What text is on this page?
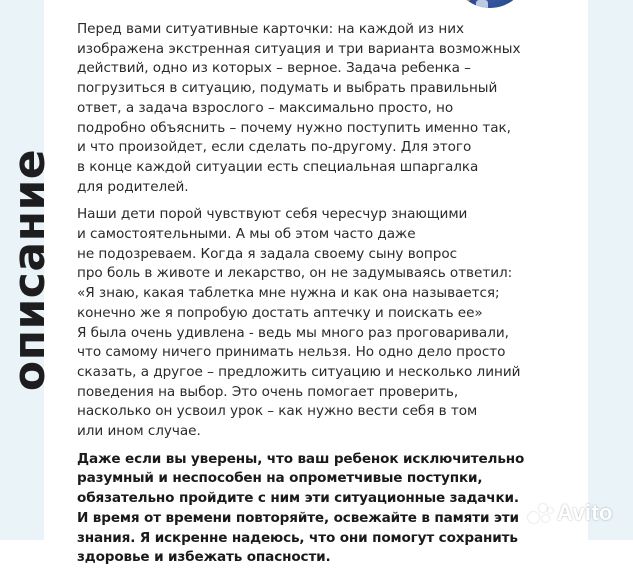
описание

Перед вами ситуативные карточки: на каждой из них
изображена экстренная ситуация и три варианта возможных
действий, одно из которых – верное. Задача ребенка –
погрузиться в ситуацию, подумать и выбрать правильный
ответ, а задача взрослого – максимально просто, но
подробно объяснить – почему нужно поступить именно так,
и что произойдет, если сделать по-другому. Для этого
в конце каждой ситуации есть специальная шпаргалка
для родителей.

Наши дети порой чувствуют себя чересчур знающими
и самостоятельными. А мы об этом часто даже
не подозреваем. Когда я задала своему сыну вопрос
про боль в животе и лекарство, он не задумываясь ответил:
«Я знаю, какая таблетка мне нужна и как она называется;
конечно же я попробую достать аптечку и поискать ее»
Я была очень удивлена - ведь мы много раз проговаривали,
что самому ничего принимать нельзя. Но одно дело просто
сказать, а другое – предложить ситуацию и несколько линий
поведения на выбор. Это очень помогает проверить,
насколько он усвоил урок – как нужно вести себя в том
или ином случае.

Даже если вы уверены, что ваш ребенок исключительно
разумный и неспособен на опрометчивые поступки,
обязательно пройдите с ним эти ситуационные задачки.
И время от времени повторяйте, освежайте в памяти эти
знания. Я искренне надеюсь, что они помогут сохранить
здоровье и избежать опасности.

Avito
